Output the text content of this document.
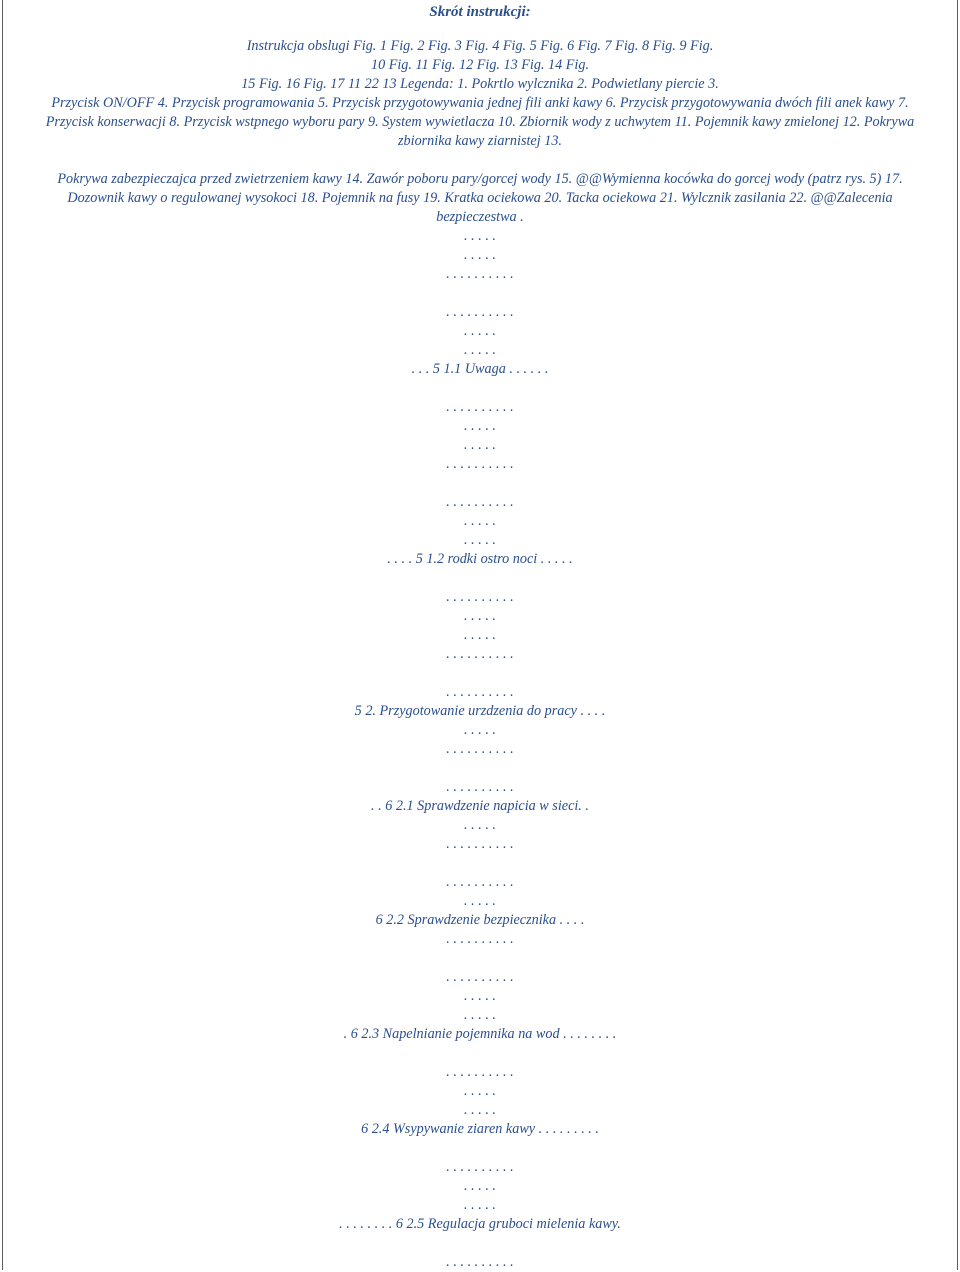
Skrót instrukcji:
Instrukcja obslugi Fig. 1 Fig. 2 Fig. 3 Fig. 4 Fig. 5 Fig. 6 Fig. 7 Fig. 8 Fig. 9 Fig.
10 Fig. 11 Fig. 12 Fig. 13 Fig. 14 Fig.
15 Fig. 16 Fig. 17 11 22 13 Legenda: 1. Pokrtlo wylcznika 2. Podwietlany piercie 3.
Przycisk ON/OFF 4. Przycisk programowania 5. Przycisk przygotowywania jednej fili anki kawy 6. Przycisk przygotowywania dwóch fili anek kawy 7.
Przycisk konserwacji 8. Przycisk wstpnego wyboru pary 9. System wywietlacza 10. Zbiornik wody z uchwytem 11. Pojemnik kawy zmielonej 12. Pokrywa
zbiornika kawy ziarnistej 13.
Pokrywa zabezpieczajca przed zwietrzeniem kawy 14. Zawór poboru pary/gorcej wody 15. @@Wymienna kocówka do gorcej wody (patrz rys. 5) 17.
Dozownik kawy o regulowanej wysokoci 18. Pojemnik na fusy 19. Kratka ociekowa 20. Tacka ociekowa 21. Wylcznik zasilania 22. @@Zalecenia
bezpieczestwa .
. . . . .
. . . . .
. . . . . . . . . .
. . . . . . . . . .
. . . . .
. . . . .
. . . 5 1.1 Uwaga . . . . . .
. . . . . . . . . .
. . . . .
. . . . .
. . . . . . . . . .
. . . . . . . . . .
. . . . .
. . . . .
. . . . 5 1.2 rodki ostro noci . . . . .
. . . . . . . . . .
. . . . .
. . . . .
. . . . . . . . . .
. . . . . . . . . .
5 2. Przygotowanie urzdzenia do pracy . . . .
. . . . .
. . . . . . . . . .
. . . . . . . . . .
. . 6 2.1 Sprawdzenie napicia w sieci. .
. . . . .
. . . . . . . . . .
. . . . . . . . . .
. . . . .
6 2.2 Sprawdzenie bezpiecznika . . . .
. . . . . . . . . .
. . . . . . . . . .
. . . . .
. . . . .
. 6 2.3 Napelnianie pojemnika na wod . . . . . . . .
. . . . . . . . . .
. . . . .
. . . . .
6 2.4 Wsypywanie ziaren kawy . . . . . . . . .
. . . . . . . . . .
. . . . .
. . . . .
. . . . . . . . 6 2.5 Regulacja gruboci mielenia kawy.
. . . . . . . . . .
